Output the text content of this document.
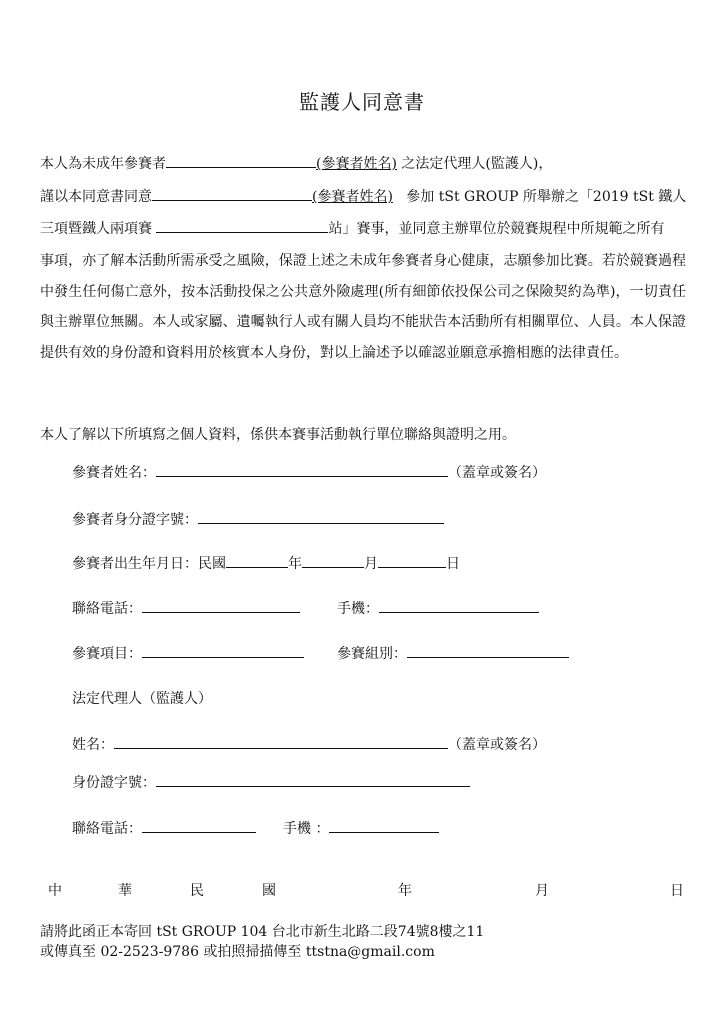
監護人同意書
本人為未成年參賽者	(參賽者姓名) 之法定代理人(監護人)，
謹以本同意書同意	(參賽者姓名) 參加 tSt GROUP 所舉辦之「2019 tSt 鐵人
三項暨鐵人兩項賽	站」賽事，並同意主辦單位於競賽規程中所規範之所有
事項，亦了解本活動所需承受之風險，保證上述之未成年參賽者身心健康，志願參加比賽。若於競賽過程中發生任何傷亡意外，按本活動投保之公共意外險處理(所有細節依投保公司之保險契約為準)，一切責任與主辦單位無關。本人或家屬、遺囑執行人或有關人員均不能狀告本活動所有相關單位、人員。本人保證提供有效的身份證和資料用於核實本人身份，對以上論述予以確認並願意承擔相應的法律責任。
本人了解以下所填寫之個人資料，係供本賽事活動執行單位聯絡與證明之用。
參賽者姓名：	（蓋章或簽名）
參賽者身分證字號：
參賽者出生年月日：民國	年	月	日
聯絡電話：	手機：
參賽項目：	參賽組別：
法定代理人（監護人）
姓名：	（蓋章或簽名）
身份證字號：
聯絡電話：	手機 ：
中	華	民	國	年	月	日
請將此函正本寄回 tSt GROUP 104 台北市新生北路二段74號8樓之11
或傳真至 02-2523-9786 或拍照掃描傳至 ttstna@gmail.com
